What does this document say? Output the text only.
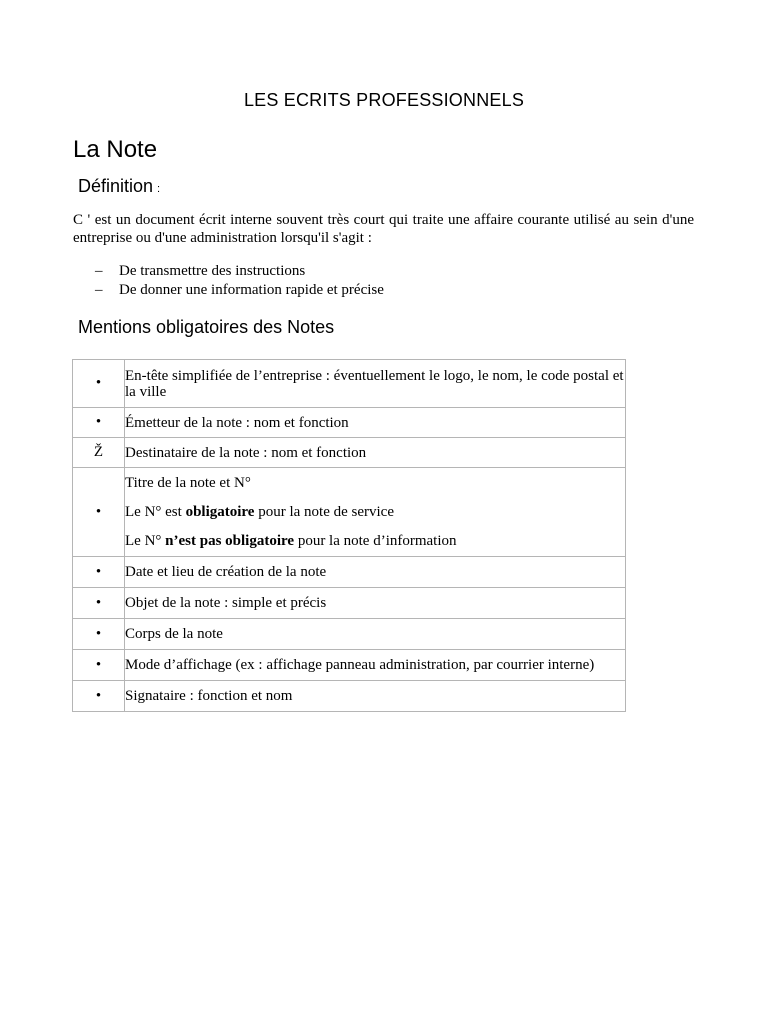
LES ECRITS PROFESSIONNELS
La Note
Définition :
C ' est un document écrit interne souvent très court qui traite une affaire courante utilisé au sein d'une entreprise ou d'une administration lorsqu'il s'agit :
– De transmettre des instructions
– De donner une information rapide et précise
Mentions obligatoires des Notes
•	En-tête simplifiée de l’entreprise : éventuellement le logo, le nom, le code postal et la ville
•	Émetteur de la note : nom et fonction
Ž	Destinataire de la note : nom et fonction
•	Titre de la note et N°

Le N° est obligatoire pour la note de service

Le N° n’est pas obligatoire pour la note d’information

•	Date et lieu de création de la note
•	Objet de la note : simple et précis
•	Corps de la note
•	Mode d’affichage (ex : affichage panneau administration, par courrier interne)
•	Signataire : fonction et nom
